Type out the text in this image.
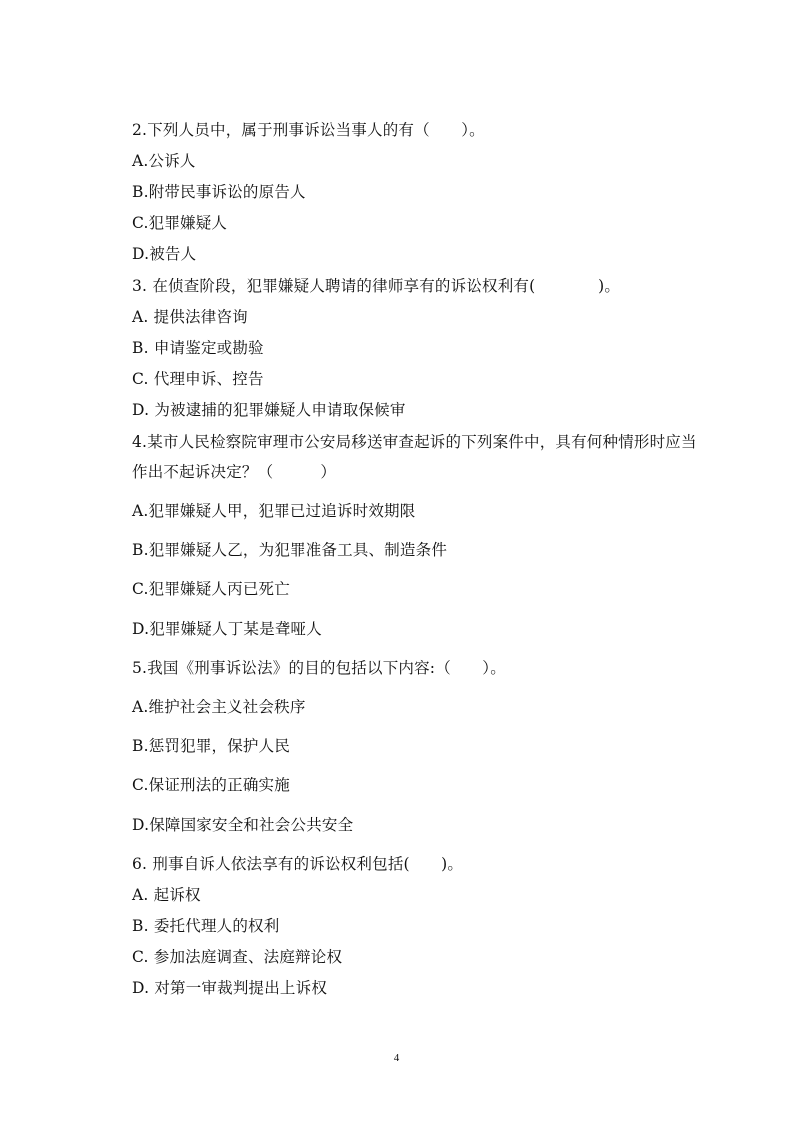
2.下列人员中，属于刑事诉讼当事人的有（　　）。
A.公诉人
B.附带民事诉讼的原告人
C.犯罪嫌疑人
D.被告人
3. 在侦查阶段，犯罪嫌疑人聘请的律师享有的诉讼权利有(　　　　)。
A. 提供法律咨询
B. 申请鉴定或勘验
C. 代理申诉、控告
D. 为被逮捕的犯罪嫌疑人申请取保候审
4.某市人民检察院审理市公安局移送审查起诉的下列案件中，具有何种情形时应当
作出不起诉决定？（　　　）
A.犯罪嫌疑人甲，犯罪已过追诉时效期限
B.犯罪嫌疑人乙，为犯罪准备工具、制造条件
C.犯罪嫌疑人丙已死亡
D.犯罪嫌疑人丁某是聋哑人
5.我国《刑事诉讼法》的目的包括以下内容:（　　）。
A.维护社会主义社会秩序
B.惩罚犯罪，保护人民
C.保证刑法的正确实施
D.保障国家安全和社会公共安全
6. 刑事自诉人依法享有的诉讼权利包括(　　)。
A. 起诉权
B. 委托代理人的权利
C. 参加法庭调查、法庭辩论权
D. 对第一审裁判提出上诉权
4
